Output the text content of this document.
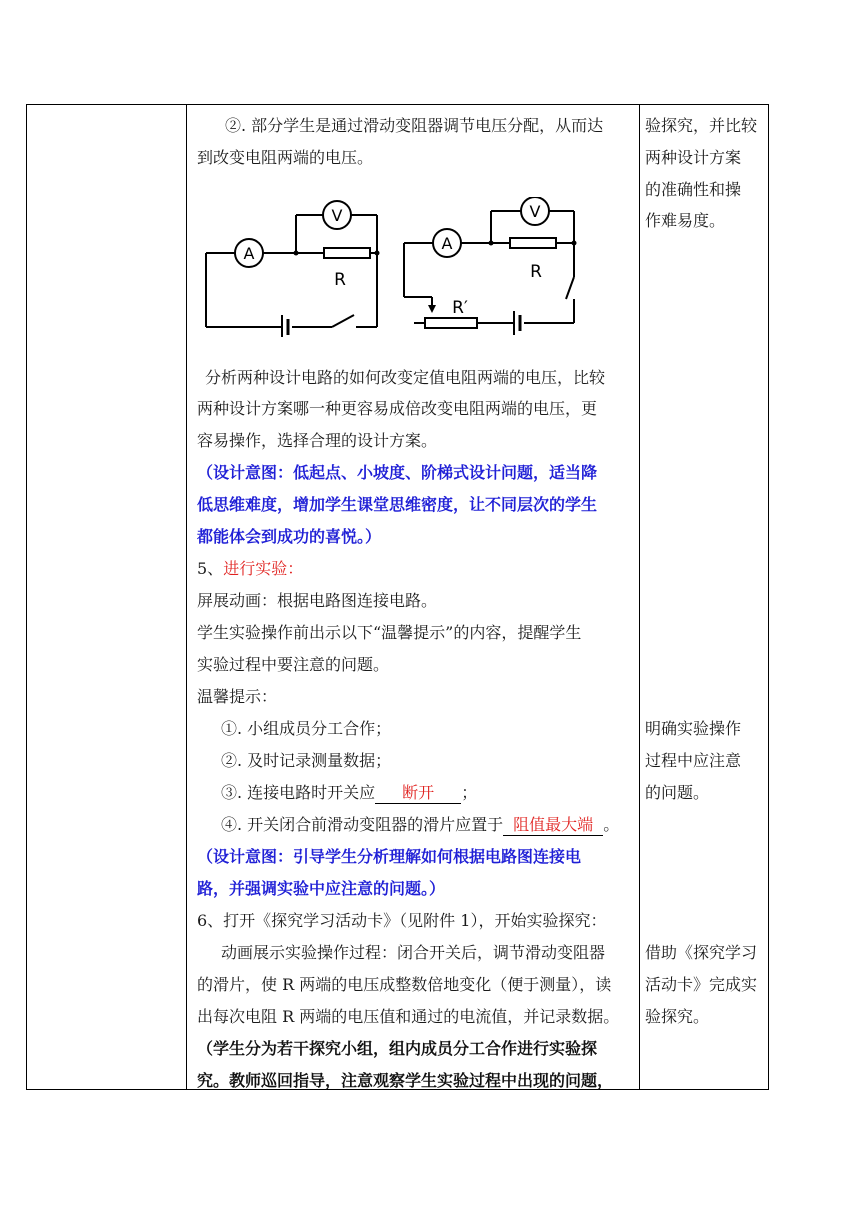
②. 部分学生是通过滑动变阻器调节电压分配，从而达
到改变电阻两端的电压。
A
V
R
A
V
R
R′
分析两种设计电路的如何改变定值电阻两端的电压，比较
两种设计方案哪一种更容易成倍改变电阻两端的电压，更
容易操作，选择合理的设计方案。
（设计意图：低起点、小坡度、阶梯式设计问题，适当降
低思维难度，增加学生课堂思维密度，让不同层次的学生
都能体会到成功的喜悦。）
5、进行实验：
屏展动画：根据电路图连接电路。
学生实验操作前出示以下“温馨提示”的内容，提醒学生
实验过程中要注意的问题。
温馨提示：
①. 小组成员分工合作；
②. 及时记录测量数据；
③. 连接电路时开关应 断开 ；
④. 开关闭合前滑动变阻器的滑片应置于 阻值最大端 。
（设计意图：引导学生分析理解如何根据电路图连接电
路，并强调实验中应注意的问题。）
6、打开《探究学习活动卡》（见附件 1），开始实验探究：
动画展示实验操作过程：闭合开关后，调节滑动变阻器
的滑片，使 R 两端的电压成整数倍地变化（便于测量），读
出每次电阻 R 两端的电压值和通过的电流值，并记录数据。
（学生分为若干探究小组，组内成员分工合作进行实验探
究。教师巡回指导，注意观察学生实验过程中出现的问题，
验探究，并比较
两种设计方案
的准确性和操
作难易度。
明确实验操作
过程中应注意
的问题。
借助《探究学习
活动卡》完成实
验探究。
